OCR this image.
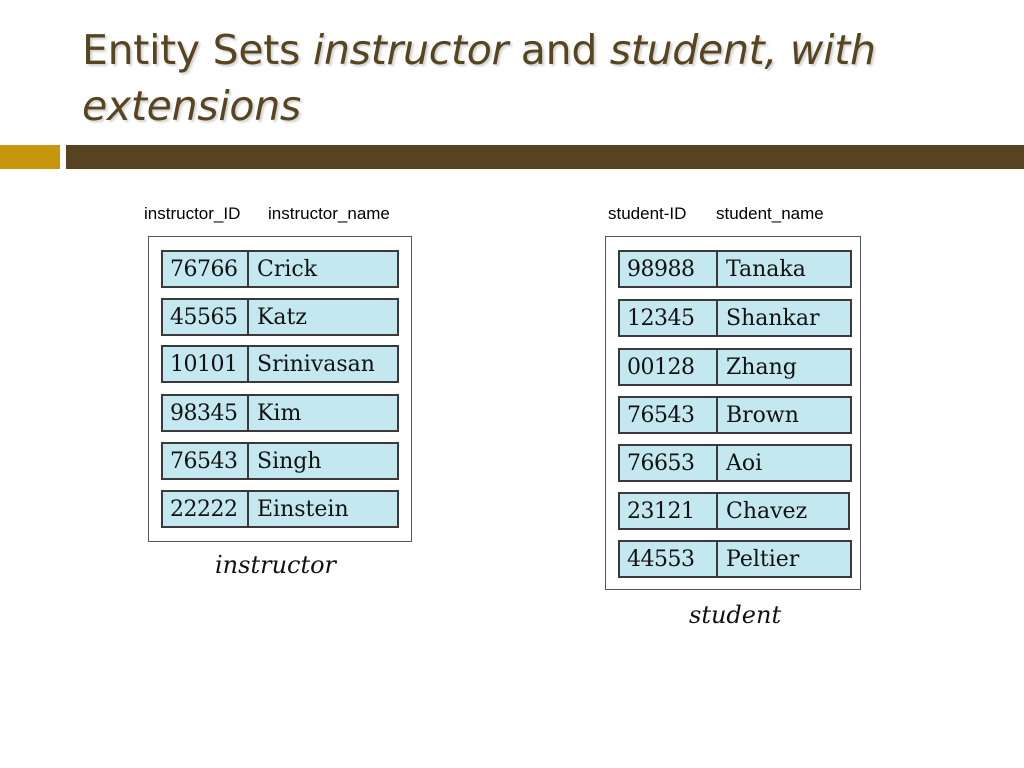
Entity Sets instructor and student, with
extensions
instructor_ID instructor_name
76766 Crick
45565 Katz
10101 Srinivasan
98345 Kim
76543 Singh
22222 Einstein
instructor
student-ID student_name
98988	Tanaka
12345	Shankar
00128	Zhang
76543	Brown
76653	Aoi
23121	Chavez
44553	Peltier
student
